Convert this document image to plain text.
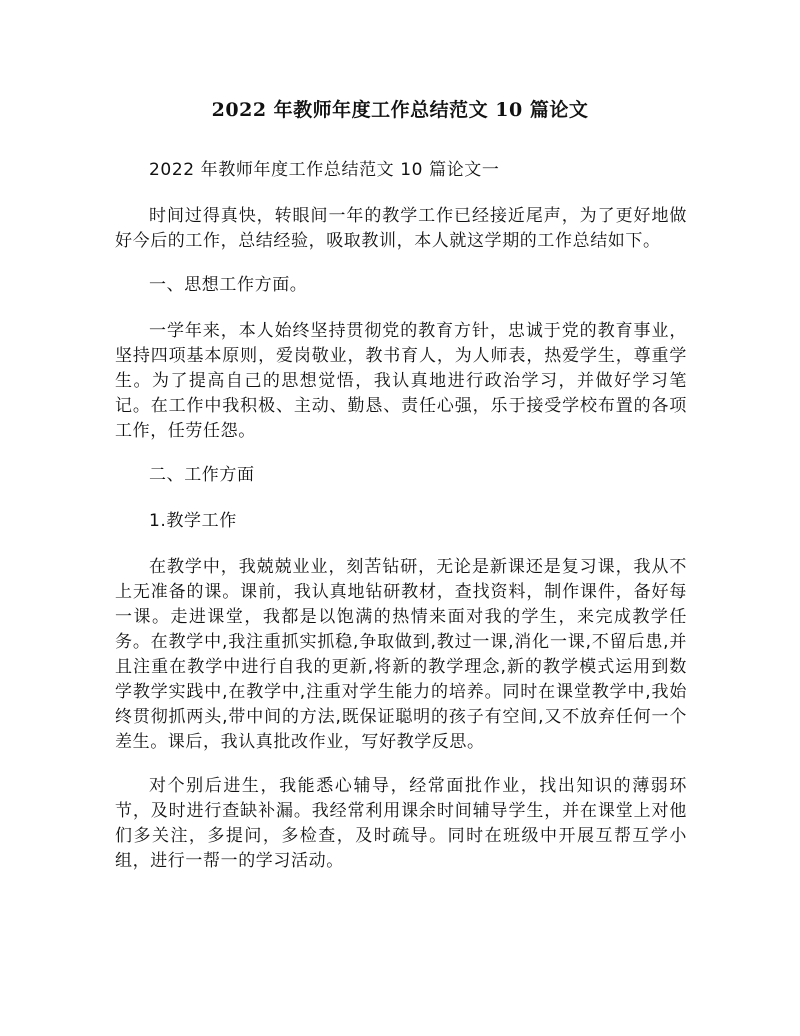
2022 年教师年度工作总结范文 10 篇论文

2022 年教师年度工作总结范文 10 篇论文一

时间过得真快，转眼间一年的教学工作已经接近尾声，为了更好地做好今后的工作，总结经验，吸取教训，本人就这学期的工作总结如下。

一、思想工作方面。

一学年来，本人始终坚持贯彻党的教育方针，忠诚于党的教育事业，坚持四项基本原则，爱岗敬业，教书育人，为人师表，热爱学生，尊重学生。为了提高自己的思想觉悟，我认真地进行政治学习，并做好学习笔记。在工作中我积极、主动、勤恳、责任心强，乐于接受学校布置的各项工作，任劳任怨。

二、工作方面

1.教学工作

在教学中，我兢兢业业，刻苦钻研，无论是新课还是复习课，我从不上无准备的课。课前，我认真地钻研教材，查找资料，制作课件，备好每一课。走进课堂，我都是以饱满的热情来面对我的学生，来完成教学任务。在教学中,我注重抓实抓稳,争取做到,教过一课,消化一课,不留后患,并且注重在教学中进行自我的更新,将新的教学理念,新的教学模式运用到数学教学实践中,在教学中,注重对学生能力的培养。同时在课堂教学中,我始终贯彻抓两头,带中间的方法,既保证聪明的孩子有空间,又不放弃任何一个差生。课后，我认真批改作业，写好教学反思。

对个别后进生，我能悉心辅导，经常面批作业，找出知识的薄弱环节，及时进行查缺补漏。我经常利用课余时间辅导学生，并在课堂上对他们多关注，多提问，多检查，及时疏导。同时在班级中开展互帮互学小组，进行一帮一的学习活动。
